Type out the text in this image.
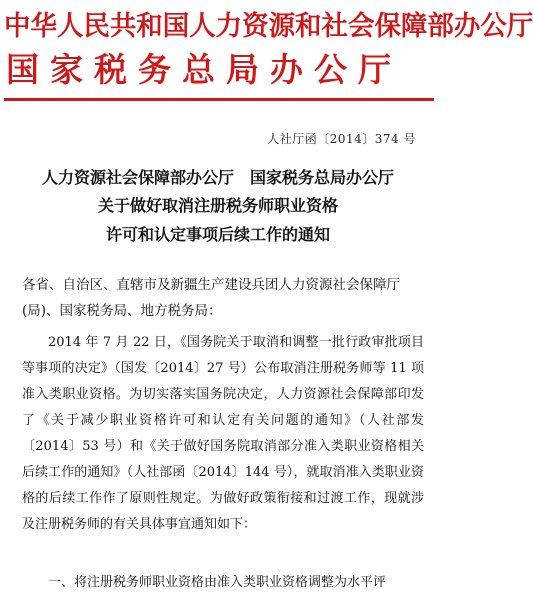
中华人民共和国人力资源和社会保障部办公厅
国家税务总局办公厅
人社厅函〔2014〕374 号
人力资源社会保障部办公厅　国家税务总局办公厅
关于做好取消注册税务师职业资格
许可和认定事项后续工作的通知
各省、自治区、直辖市及新疆生产建设兵团人力资源社会保障厅(局)、国家税务局、地方税务局：
2014 年 7 月 22 日，《国务院关于取消和调整一批行政审批项目等事项的决定》（国发〔2014〕27 号）公布取消注册税务师等 11 项准入类职业资格。为切实落实国务院决定，人力资源社会保障部印发了《关于减少职业资格许可和认定有关问题的通知》（人社部发〔2014〕53 号）和《关于做好国务院取消部分准入类职业资格相关后续工作的通知》（人社部函〔2014〕144 号），就取消准入类职业资格的后续工作作了原则性规定。为做好政策衔接和过渡工作，现就涉及注册税务师的有关具体事宜通知如下：
一、将注册税务师职业资格由准入类职业资格调整为水平评
